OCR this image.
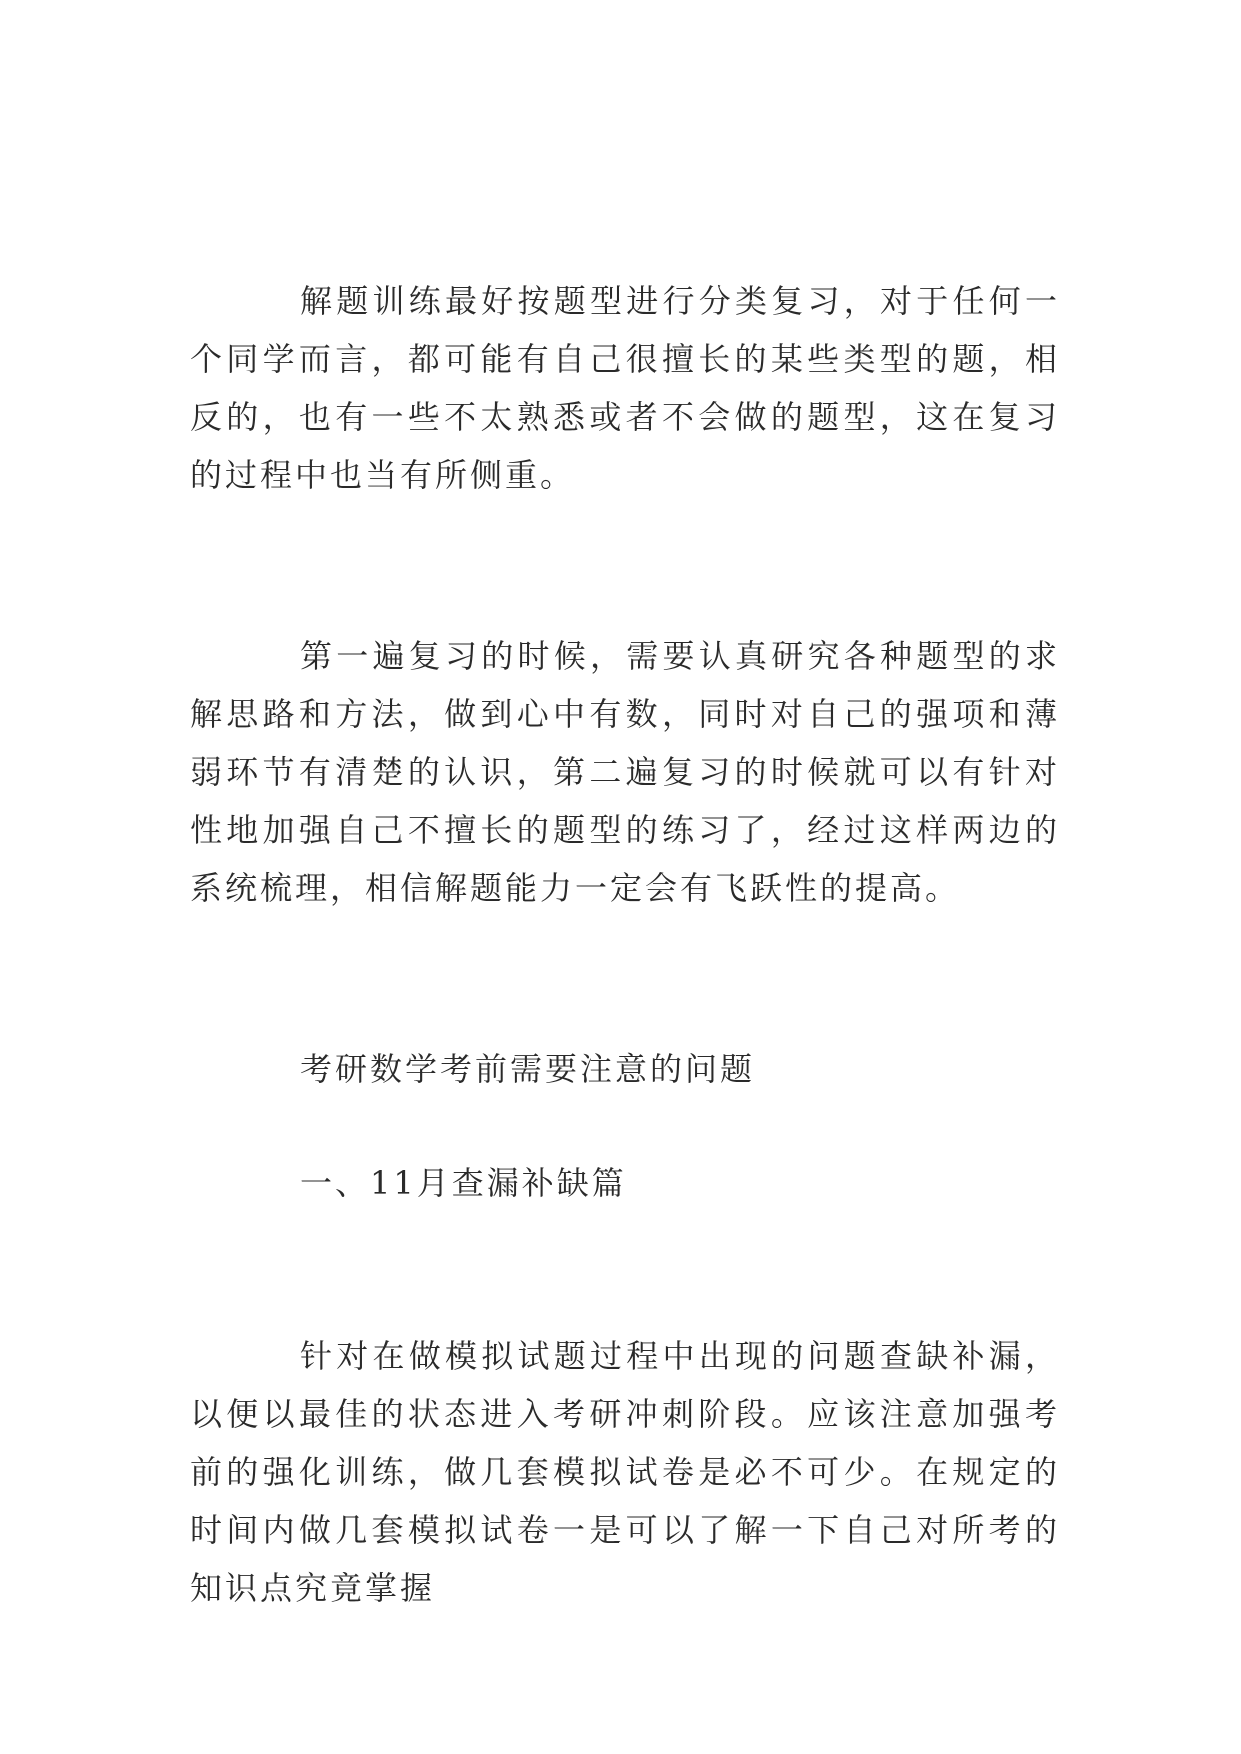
解题训练最好按题型进行分类复习，对于任何一个同学而言，都可能有自己很擅长的某些类型的题，相反的，也有一些不太熟悉或者不会做的题型，这在复习的过程中也当有所侧重。

第一遍复习的时候，需要认真研究各种题型的求解思路和方法，做到心中有数，同时对自己的强项和薄弱环节有清楚的认识，第二遍复习的时候就可以有针对性地加强自己不擅长的题型的练习了，经过这样两边的系统梳理，相信解题能力一定会有飞跃性的提高。

考研数学考前需要注意的问题

一、11月查漏补缺篇

针对在做模拟试题过程中出现的问题查缺补漏，以便以最佳的状态进入考研冲刺阶段。应该注意加强考前的强化训练，做几套模拟试卷是必不可少。在规定的时间内做几套模拟试卷一是可以了解一下自己对所考的知识点究竟掌握
